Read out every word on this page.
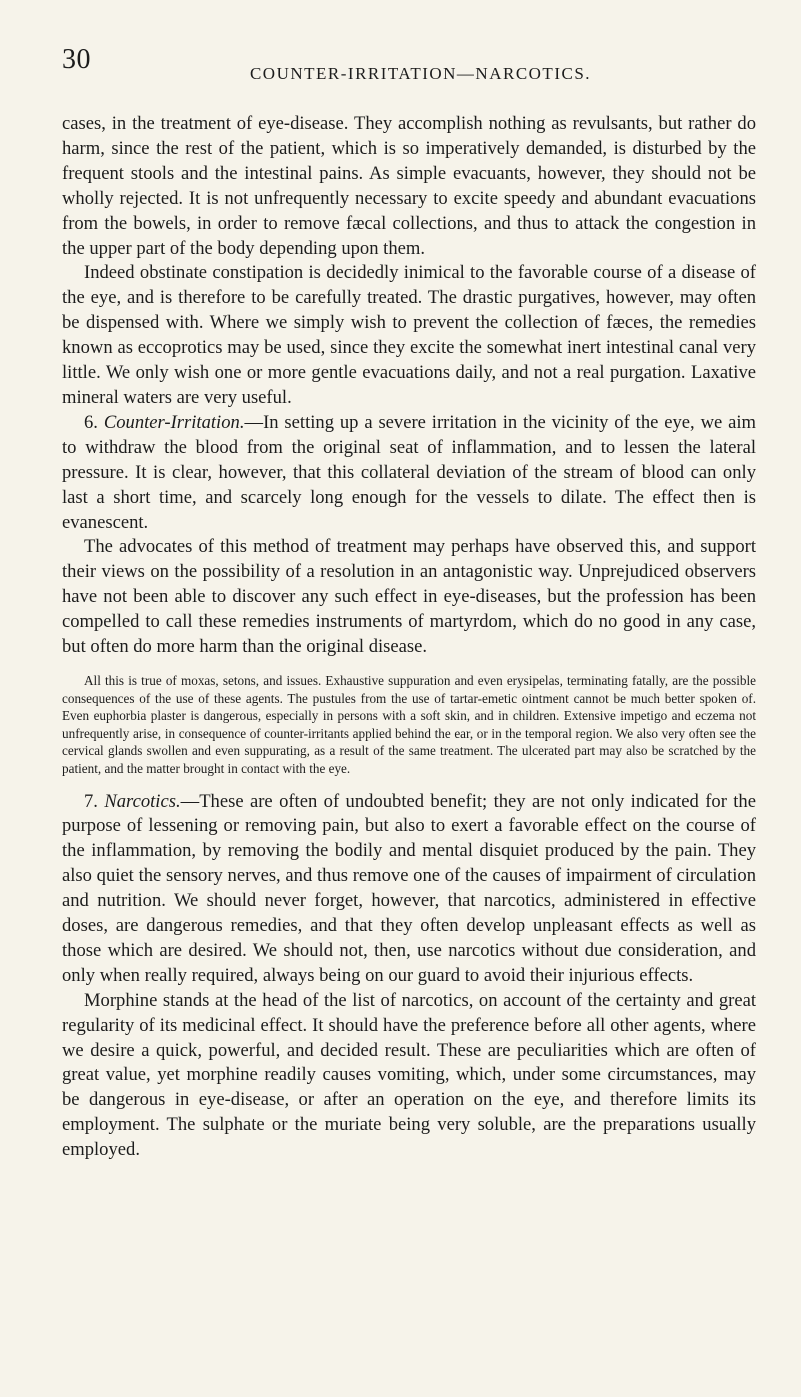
30	COUNTER-IRRITATION—NARCOTICS.

cases, in the treatment of eye-disease. They accomplish nothing as revulsants, but rather do harm, since the rest of the patient, which is so imperatively demanded, is disturbed by the frequent stools and the intestinal pains. As simple evacuants, however, they should not be wholly rejected. It is not unfrequently necessary to excite speedy and abundant evacuations from the bowels, in order to remove fæcal collections, and thus to attack the congestion in the upper part of the body depending upon them.

Indeed obstinate constipation is decidedly inimical to the favorable course of a disease of the eye, and is therefore to be carefully treated. The drastic purgatives, however, may often be dispensed with. Where we simply wish to prevent the collection of fæces, the remedies known as eccoprotics may be used, since they excite the somewhat inert intestinal canal very little. We only wish one or more gentle evacuations daily, and not a real purgation. Laxative mineral waters are very useful.

6. Counter-Irritation.—In setting up a severe irritation in the vicinity of the eye, we aim to withdraw the blood from the original seat of inflammation, and to lessen the lateral pressure. It is clear, however, that this collateral deviation of the stream of blood can only last a short time, and scarcely long enough for the vessels to dilate. The effect then is evanescent.

The advocates of this method of treatment may perhaps have observed this, and support their views on the possibility of a resolution in an antagonistic way. Unprejudiced observers have not been able to discover any such effect in eye-diseases, but the profession has been compelled to call these remedies instruments of martyrdom, which do no good in any case, but often do more harm than the original disease.

All this is true of moxas, setons, and issues. Exhaustive suppuration and even erysipelas, terminating fatally, are the possible consequences of the use of these agents. The pustules from the use of tartar-emetic ointment cannot be much better spoken of. Even euphorbia plaster is dangerous, especially in persons with a soft skin, and in children. Extensive impetigo and eczema not unfrequently arise, in consequence of counter-irritants applied behind the ear, or in the temporal region. We also very often see the cervical glands swollen and even suppurating, as a result of the same treatment. The ulcerated part may also be scratched by the patient, and the matter brought in contact with the eye.

7. Narcotics.—These are often of undoubted benefit; they are not only indicated for the purpose of lessening or removing pain, but also to exert a favorable effect on the course of the inflammation, by removing the bodily and mental disquiet produced by the pain. They also quiet the sensory nerves, and thus remove one of the causes of impairment of circulation and nutrition. We should never forget, however, that narcotics, administered in effective doses, are dangerous remedies, and that they often develop unpleasant effects as well as those which are desired. We should not, then, use narcotics without due consideration, and only when really required, always being on our guard to avoid their injurious effects.

Morphine stands at the head of the list of narcotics, on account of the certainty and great regularity of its medicinal effect. It should have the preference before all other agents, where we desire a quick, powerful, and decided result. These are peculiarities which are often of great value, yet morphine readily causes vomiting, which, under some circumstances, may be dangerous in eye-disease, or after an operation on the eye, and therefore limits its employment. The sulphate or the muriate being very soluble, are the preparations usually employed.
